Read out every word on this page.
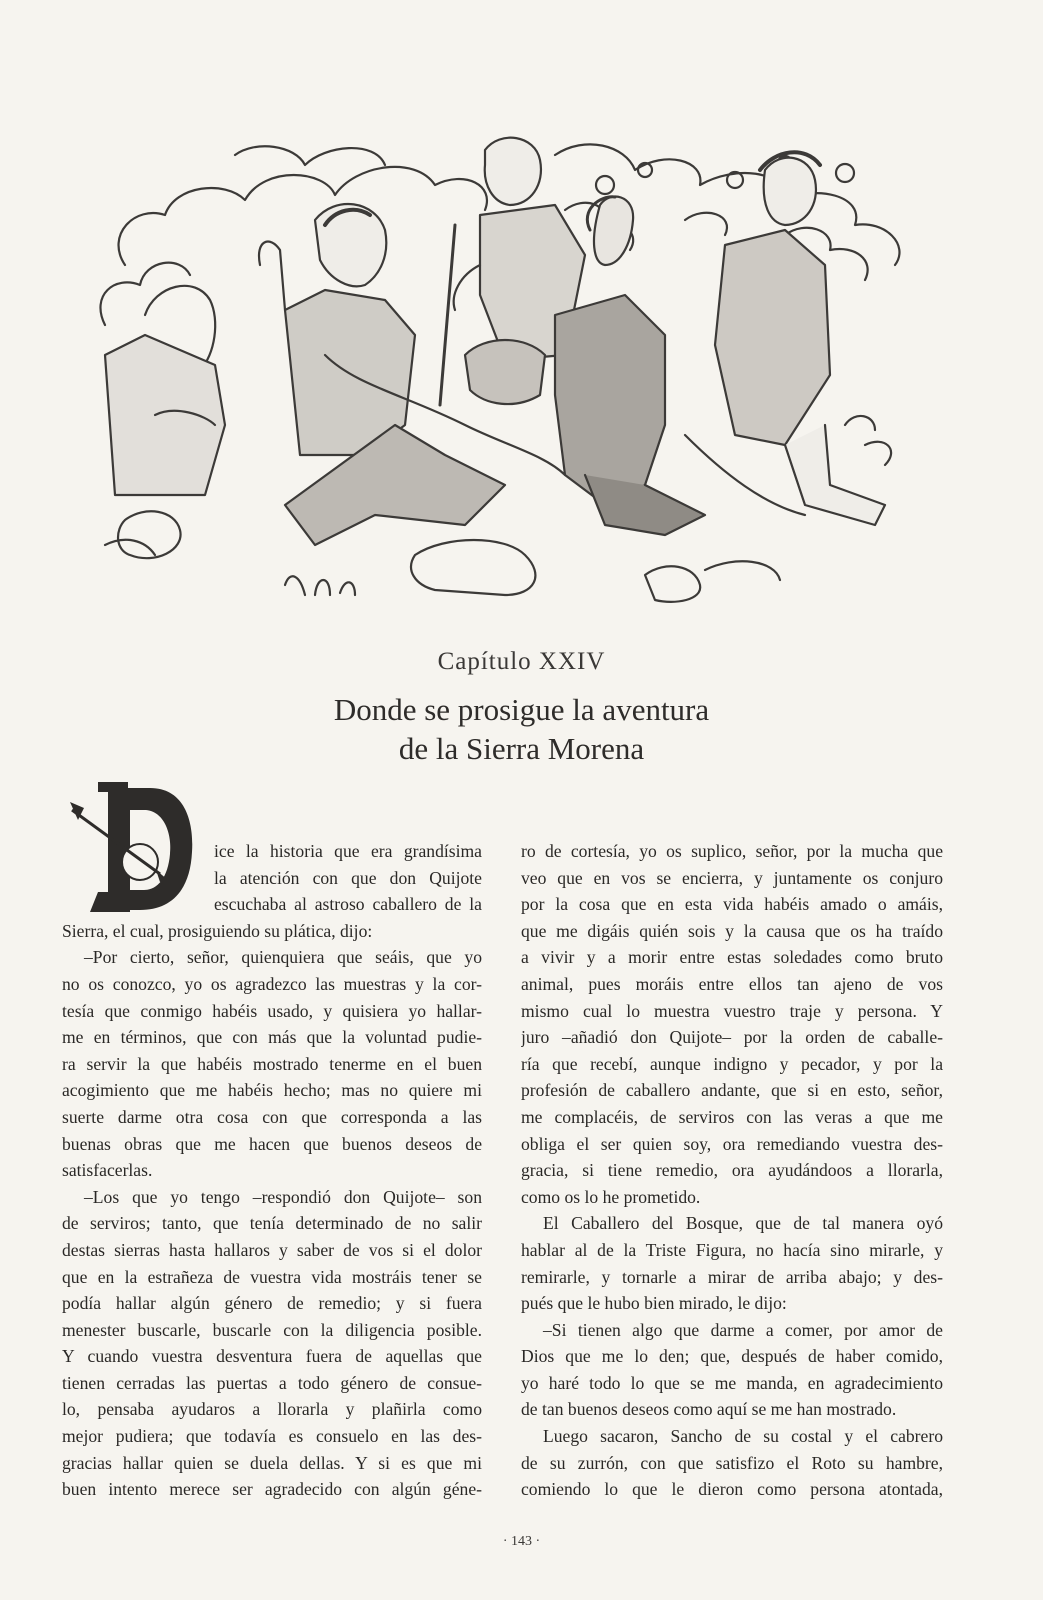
Capítulo XXIV
Donde se prosigue la aventura
de la Sierra Morena
ice la historia que era grandísima
la atención con que don Quijote
escuchaba al astroso caballero de la
Sierra, el cual, prosiguiendo su plática, dijo:
–Por cierto, señor, quienquiera que seáis, que yo
no os conozco, yo os agradezco las muestras y la cor-
tesía que conmigo habéis usado, y quisiera yo hallar-
me en términos, que con más que la voluntad pudie-
ra servir la que habéis mostrado tenerme en el buen
acogimiento que me habéis hecho; mas no quiere mi
suerte darme otra cosa con que corresponda a las
buenas obras que me hacen que buenos deseos de
satisfacerlas.
–Los que yo tengo –respondió don Quijote– son
de serviros; tanto, que tenía determinado de no salir
destas sierras hasta hallaros y saber de vos si el dolor
que en la estrañeza de vuestra vida mostráis tener se
podía hallar algún género de remedio; y si fuera
menester buscarle, buscarle con la diligencia posible.
Y cuando vuestra desventura fuera de aquellas que
tienen cerradas las puertas a todo género de consue-
lo, pensaba ayudaros a llorarla y plañirla como
mejor pudiera; que todavía es consuelo en las des-
gracias hallar quien se duela dellas. Y si es que mi
buen intento merece ser agradecido con algún géne-
ro de cortesía, yo os suplico, señor, por la mucha que
veo que en vos se encierra, y juntamente os conjuro
por la cosa que en esta vida habéis amado o amáis,
que me digáis quién sois y la causa que os ha traído
a vivir y a morir entre estas soledades como bruto
animal, pues moráis entre ellos tan ajeno de vos
mismo cual lo muestra vuestro traje y persona. Y
juro –añadió don Quijote– por la orden de caballe-
ría que recebí, aunque indigno y pecador, y por la
profesión de caballero andante, que si en esto, señor,
me complacéis, de serviros con las veras a que me
obliga el ser quien soy, ora remediando vuestra des-
gracia, si tiene remedio, ora ayudándoos a llorarla,
como os lo he prometido.
El Caballero del Bosque, que de tal manera oyó
hablar al de la Triste Figura, no hacía sino mirarle, y
remirarle, y tornarle a mirar de arriba abajo; y des-
pués que le hubo bien mirado, le dijo:
–Si tienen algo que darme a comer, por amor de
Dios que me lo den; que, después de haber comido,
yo haré todo lo que se me manda, en agradecimiento
de tan buenos deseos como aquí se me han mostrado.
Luego sacaron, Sancho de su costal y el cabrero
de su zurrón, con que satisfizo el Roto su hambre,
comiendo lo que le dieron como persona atontada,
· 143 ·
